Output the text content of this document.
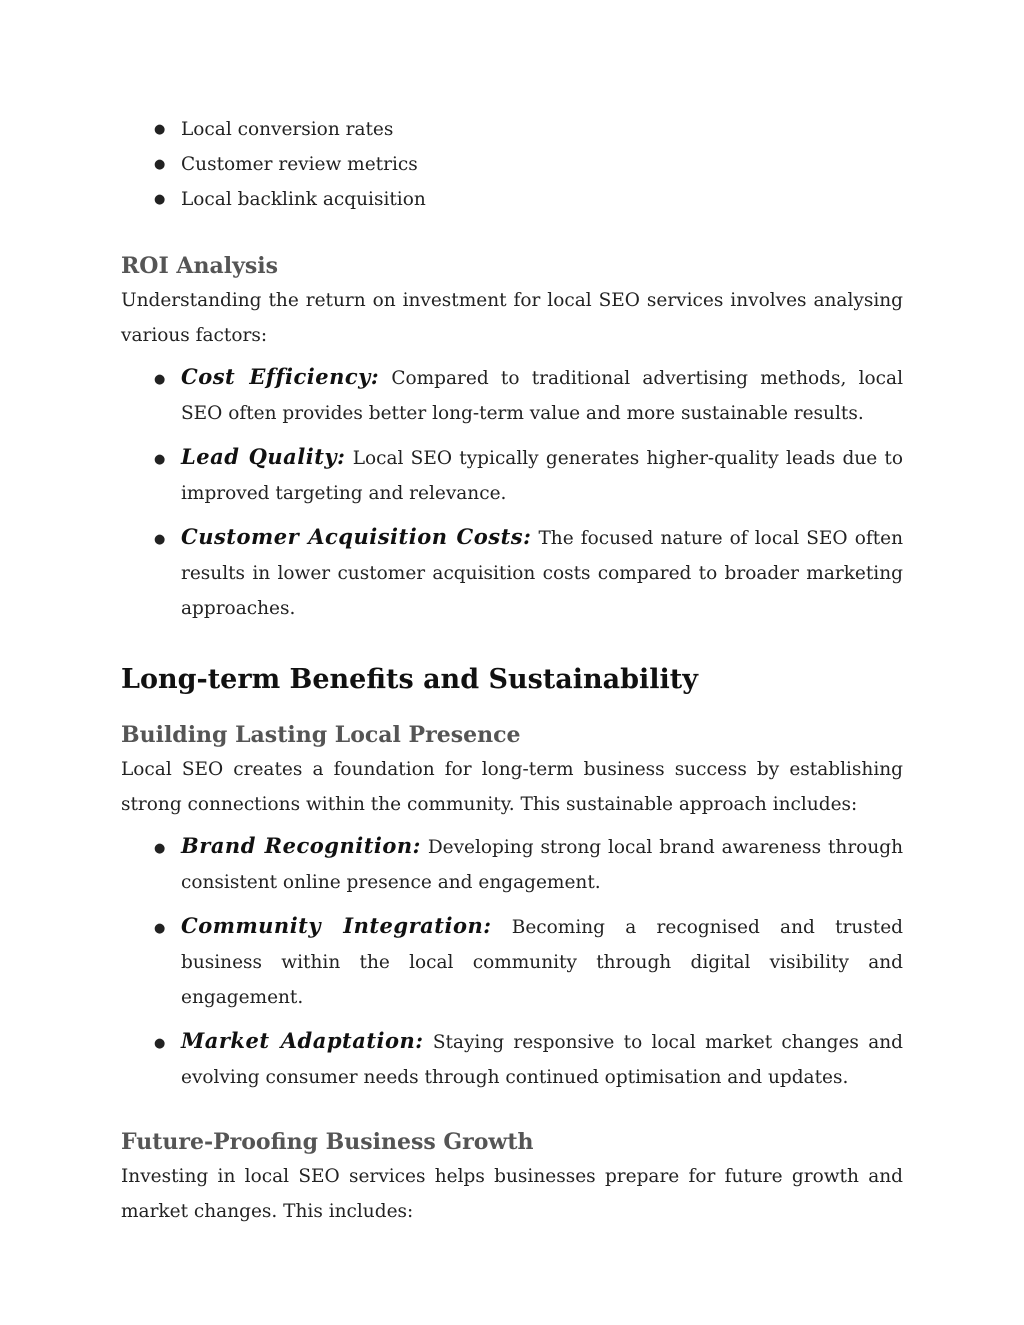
● Local conversion rates
● Customer review metrics
● Local backlink acquisition
ROI Analysis

Understanding the return on investment for local SEO services involves analysing various factors:

● Cost Efficiency: Compared to traditional advertising methods, local SEO often provides better long-term value and more sustainable results.
● Lead Quality: Local SEO typically generates higher-quality leads due to improved targeting and relevance.
● Customer Acquisition Costs: The focused nature of local SEO often results in lower customer acquisition costs compared to broader marketing approaches.
Long-term Benefits and Sustainability
Building Lasting Local Presence

Local SEO creates a foundation for long-term business success by establishing strong connections within the community. This sustainable approach includes:

● Brand Recognition: Developing strong local brand awareness through consistent online presence and engagement.
● Community Integration: Becoming a recognised and trusted business within the local community through digital visibility and engagement.
● Market Adaptation: Staying responsive to local market changes and evolving consumer needs through continued optimisation and updates.
Future-Proofing Business Growth

Investing in local SEO services helps businesses prepare for future growth and market changes. This includes:
